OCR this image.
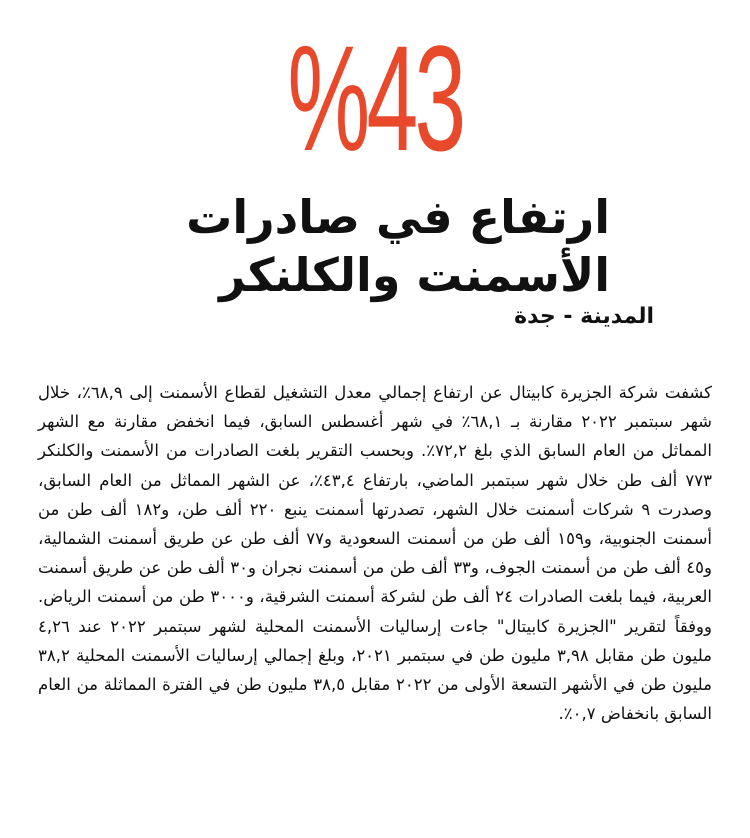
%43
ارتفاع في صادرات الأسمنت والكلنكر
المدينة - جدة

كشفت شركة الجزيرة كابيتال عن ارتفاع إجمالي معدل التشغيل لقطاع الأسمنت إلى ٦٨,٩٪، خلال شهر سبتمبر ٢٠٢٢ مقارنة بـ ٦٨,١٪ في شهر أغسطس السابق، فيما انخفض مقارنة مع الشهر المماثل من العام السابق الذي بلغ ٧٢,٢٪. وبحسب التقرير بلغت الصادرات من الأسمنت والكلنكر ٧٧٣ ألف طن خلال شهر سبتمبر الماضي، بارتفاع ٤٣,٤٪، عن الشهر المماثل من العام السابق، وصدرت ٩ شركات أسمنت خلال الشهر، تصدرتها أسمنت ينبع ٢٢٠ ألف طن، و١٨٢ ألف طن من أسمنت الجنوبية، و١٥٩ ألف طن من أسمنت السعودية و٧٧ ألف طن عن طريق أسمنت الشمالية، و٤٥ ألف طن من أسمنت الجوف، و٣٣ ألف طن من أسمنت نجران و٣٠ ألف طن عن طريق أسمنت العربية، فيما بلغت الصادرات ٢٤ ألف طن لشركة أسمنت الشرقية، و٣٠٠٠ طن من أسمنت الرياض. ووفقاً لتقرير "الجزيرة كابيتال" جاءت إرساليات الأسمنت المحلية لشهر سبتمبر ٢٠٢٢ عند ٤,٢٦ مليون طن مقابل ٣,٩٨ مليون طن في سبتمبر ٢٠٢١، وبلغ إجمالي إرساليات الأسمنت المحلية ٣٨,٢ مليون طن في الأشهر التسعة الأولى من ٢٠٢٢ مقابل ٣٨,٥ مليون طن في الفترة المماثلة من العام السابق بانخفاض ٠,٧٪.
